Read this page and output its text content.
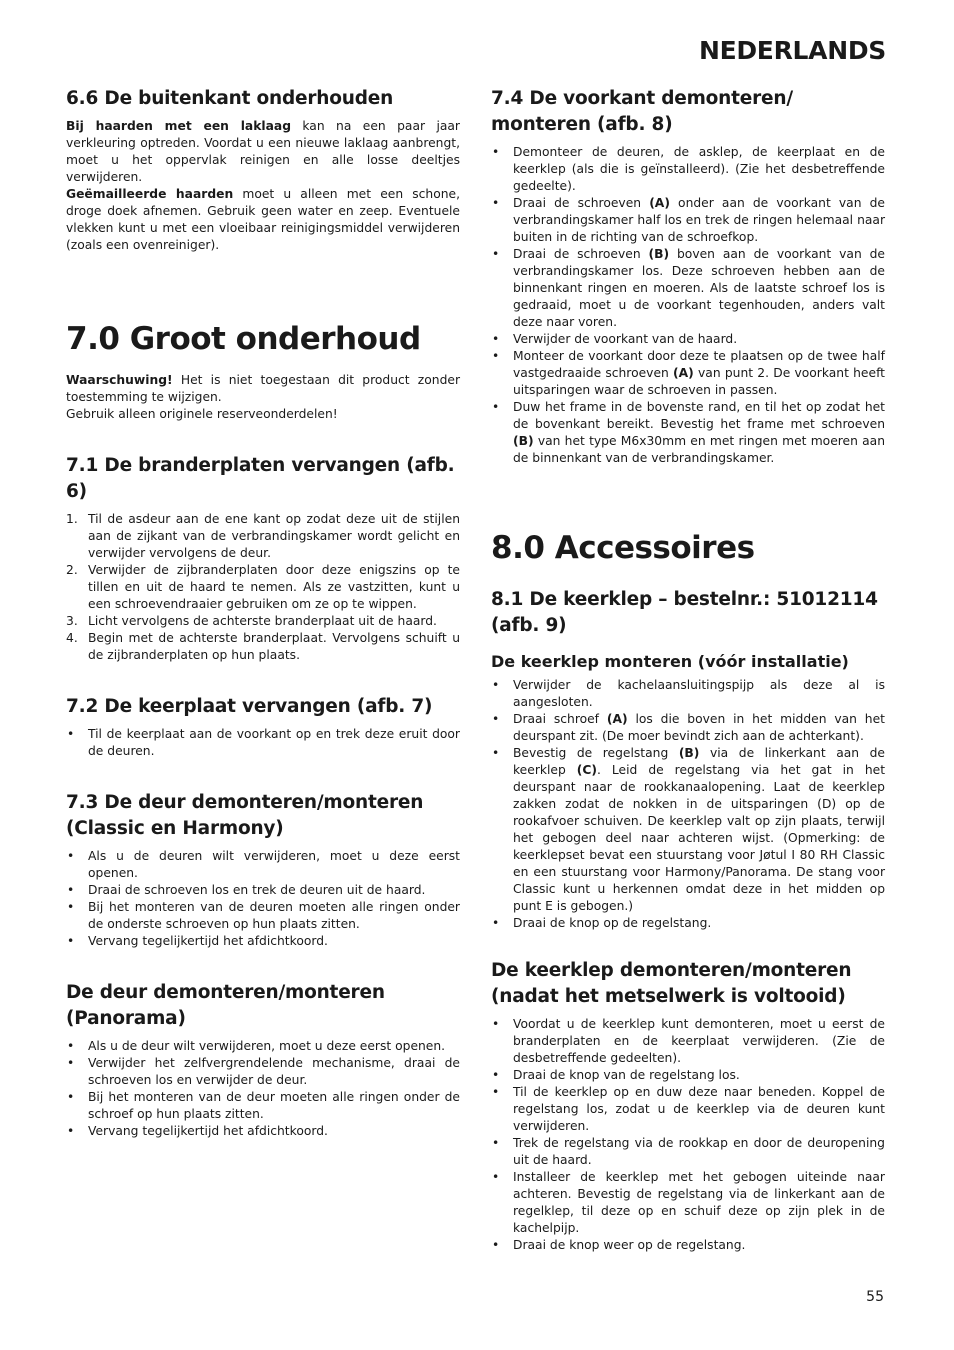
NEDERLANDS
6.6 De buitenkant onderhouden

Bij haarden met een laklaag kan na een paar jaar verkleuring optreden. Voordat u een nieuwe laklaag aanbrengt, moet u het oppervlak reinigen en alle losse deeltjes verwijderen.

Geëmailleerde haarden moet u alleen met een schone, droge doek afnemen. Gebruik geen water en zeep. Eventuele vlekken kunt u met een vloeibaar reinigingsmiddel verwijderen (zoals een ovenreiniger).

7.0 Groot onderhoud

Waarschuwing! Het is niet toegestaan dit product zonder toestemming te wijzigen.

Gebruik alleen originele reserveonderdelen!

7.1 De branderplaten vervangen (afb. 6)
1. Til de asdeur aan de ene kant op zodat deze uit de stijlen aan de zijkant van de verbrandingskamer wordt gelicht en verwijder vervolgens de deur.
2. Verwijder de zijbranderplaten door deze enigszins op te tillen en uit de haard te nemen. Als ze vastzitten, kunt u een schroevendraaier gebruiken om ze op te wippen.
3. Licht vervolgens de achterste branderplaat uit de haard.
4. Begin met de achterste branderplaat. Vervolgens schuift u de zijbranderplaten op hun plaats.
7.2 De keerplaat vervangen (afb. 7)
• Til de keerplaat aan de voorkant op en trek deze eruit door de deuren.
7.3 De deur demonteren/monteren (Classic en Harmony)
• Als u de deuren wilt verwijderen, moet u deze eerst openen.
• Draai de schroeven los en trek de deuren uit de haard.
• Bij het monteren van de deuren moeten alle ringen onder de onderste schroeven op hun plaats zitten.
• Vervang tegelijkertijd het afdichtkoord.
De deur demonteren/monteren (Panorama)
• Als u de deur wilt verwijderen, moet u deze eerst openen.
• Verwijder het zelfvergrendelende mechanisme, draai de schroeven los en verwijder de deur.
• Bij het monteren van de deur moeten alle ringen onder de schroef op hun plaats zitten.
• Vervang tegelijkertijd het afdichtkoord.
7.4 De voorkant demonteren/ monteren (afb. 8)
• Demonteer de deuren, de asklep, de keerplaat en de keerklep (als die is geïnstalleerd). (Zie het desbetreffende gedeelte).
• Draai de schroeven (A) onder aan de voorkant van de verbrandingskamer half los en trek de ringen helemaal naar buiten in de richting van de schroefkop.
• Draai de schroeven (B) boven aan de voorkant van de verbrandingskamer los. Deze schroeven hebben aan de binnenkant ringen en moeren. Als de laatste schroef los is gedraaid, moet u de voorkant tegenhouden, anders valt deze naar voren.
• Verwijder de voorkant van de haard.
• Monteer de voorkant door deze te plaatsen op de twee half vastgedraaide schroeven (A) van punt 2. De voorkant heeft uitsparingen waar de schroeven in passen.
• Duw het frame in de bovenste rand, en til het op zodat het de bovenkant bereikt. Bevestig het frame met schroeven (B) van het type M6x30mm en met ringen met moeren aan de binnenkant van de verbrandingskamer.
8.0 Accessoires
8.1 De keerklep – bestelnr.: 51012114 (afb. 9)
De keerklep monteren (vóór installatie)
• Verwijder de kachelaansluitingspijp als deze al is aangesloten.
• Draai schroef (A) los die boven in het midden van het deurspant zit. (De moer bevindt zich aan de achterkant).
• Bevestig de regelstang (B) via de linkerkant aan de keerklep (C). Leid de regelstang via het gat in het deurspant naar de rookkanaalopening. Laat de keerklep zakken zodat de nokken in de uitsparingen (D) op de rookafvoer schuiven. De keerklep valt op zijn plaats, terwijl het gebogen deel naar achteren wijst. (Opmerking: de keerklepset bevat een stuurstang voor Jøtul I 80 RH Classic en een stuurstang voor Harmony/Panorama. De stang voor Classic kunt u herkennen omdat deze in het midden op punt E is gebogen.)
• Draai de knop op de regelstang.
De keerklep demonteren/monteren (nadat het metselwerk is voltooid)
• Voordat u de keerklep kunt demonteren, moet u eerst de branderplaten en de keerplaat verwijderen. (Zie de desbetreffende gedeelten).
• Draai de knop van de regelstang los.
• Til de keerklep op en duw deze naar beneden. Koppel de regelstang los, zodat u de keerklep via de deuren kunt verwijderen.
• Trek de regelstang via de rookkap en door de deuropening uit de haard.
• Installeer de keerklep met het gebogen uiteinde naar achteren. Bevestig de regelstang via de linkerkant aan de regelklep, til deze op en schuif deze op zijn plek in de kachelpijp.
• Draai de knop weer op de regelstang.

55
